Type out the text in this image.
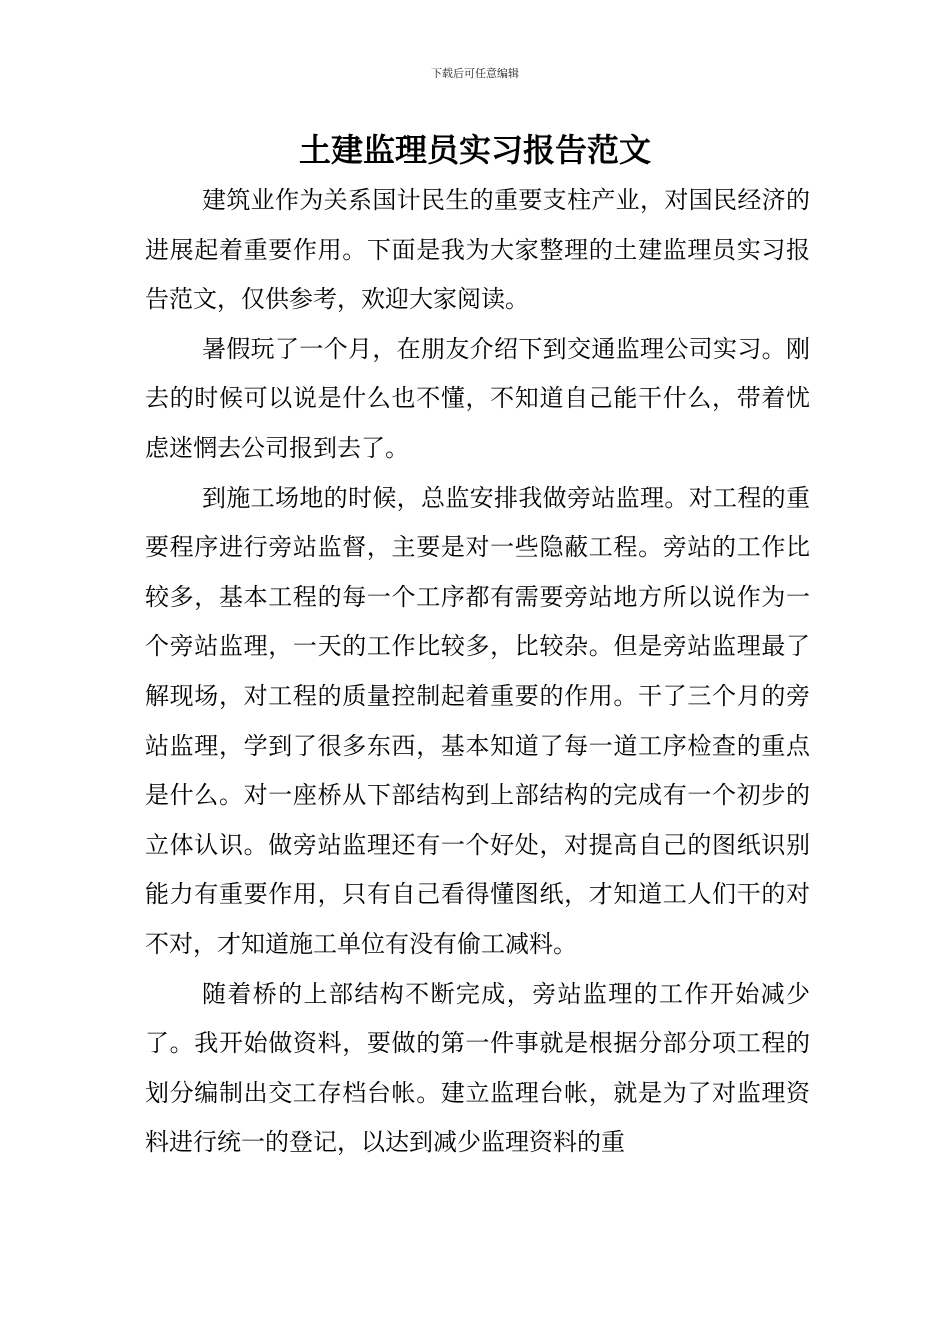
下载后可任意编辑
土建监理员实习报告范文

建筑业作为关系国计民生的重要支柱产业，对国民经济的进展起着重要作用。下面是我为大家整理的土建监理员实习报告范文，仅供参考，欢迎大家阅读。

暑假玩了一个月，在朋友介绍下到交通监理公司实习。刚去的时候可以说是什么也不懂，不知道自己能干什么，带着忧虑迷惘去公司报到去了。

到施工场地的时候，总监安排我做旁站监理。对工程的重要程序进行旁站监督，主要是对一些隐蔽工程。旁站的工作比较多，基本工程的每一个工序都有需要旁站地方所以说作为一个旁站监理，一天的工作比较多，比较杂。但是旁站监理最了解现场，对工程的质量控制起着重要的作用。干了三个月的旁站监理，学到了很多东西，基本知道了每一道工序检查的重点是什么。对一座桥从下部结构到上部结构的完成有一个初步的立体认识。做旁站监理还有一个好处，对提高自己的图纸识别能力有重要作用，只有自己看得懂图纸，才知道工人们干的对不对，才知道施工单位有没有偷工减料。

随着桥的上部结构不断完成，旁站监理的工作开始减少了。我开始做资料，要做的第一件事就是根据分部分项工程的划分编制出交工存档台帐。建立监理台帐，就是为了对监理资料进行统一的登记，以达到减少监理资料的重
